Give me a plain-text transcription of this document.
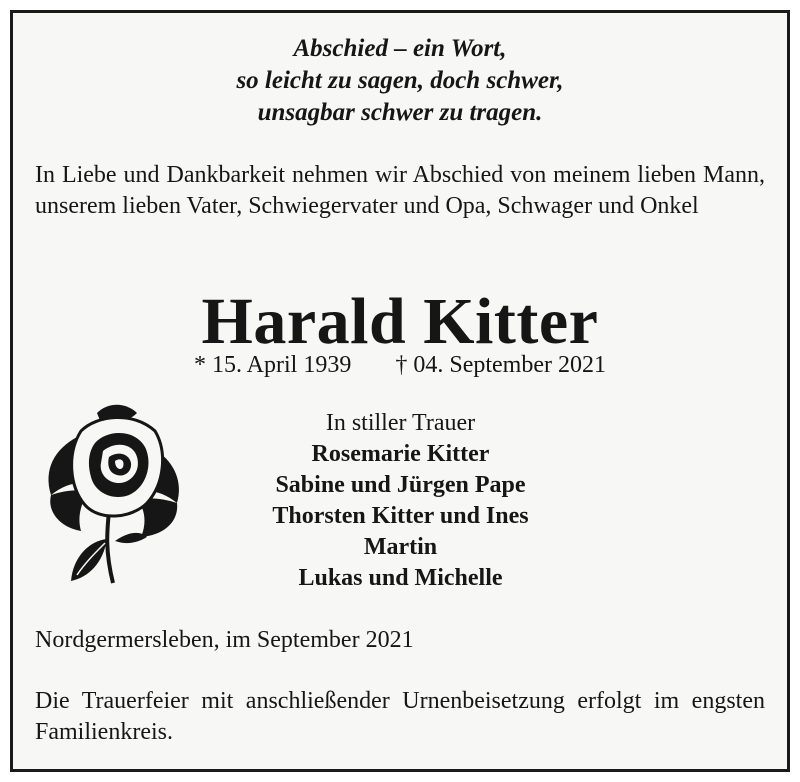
Abschied – ein Wort,
so leicht zu sagen, doch schwer,
unsagbar schwer zu tragen.
In Liebe und Dankbarkeit nehmen wir Abschied von meinem lieben Mann, unserem lieben Vater, Schwiegervater und Opa, Schwager und Onkel
Harald Kitter
* 15. April 1939 † 04. September 2021
In stiller Trauer
Rosemarie Kitter
Sabine und Jürgen Pape
Thorsten Kitter und Ines
Martin
Lukas und Michelle
Nordgermersleben, im September 2021
Die Trauerfeier mit anschließender Urnenbeisetzung erfolgt im engsten Familienkreis.
